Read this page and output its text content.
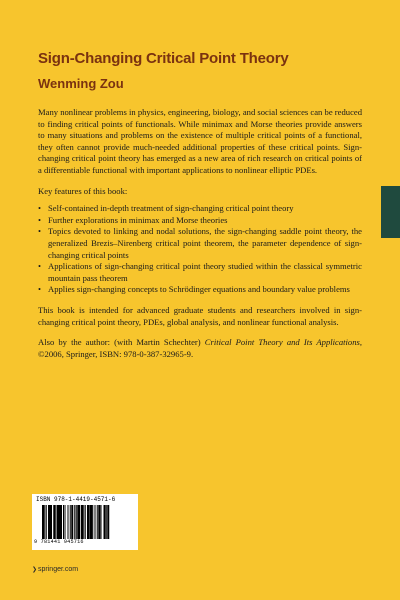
Sign-Changing Critical Point Theory
Wenming Zou

Many nonlinear problems in physics, engineering, biology, and social sciences can be reduced to finding critical points of functionals. While minimax and Morse theories provide answers to many situations and problems on the existence of multiple critical points of a functional, they often cannot provide much-needed additional properties of these critical points. Sign-changing critical point theory has emerged as a new area of rich research on critical points of a differentiable functional with important applications to nonlinear elliptic PDEs.

Key features of this book:

• Self-contained in-depth treatment of sign-changing critical point theory
• Further explorations in minimax and Morse theories
• Topics devoted to linking and nodal solutions, the sign-changing saddle point theory, the generalized Brezis–Nirenberg critical point theorem, the parameter dependence of sign-changing critical points
• Applications of sign-changing critical point theory studied within the classical symmetric mountain pass theorem
• Applies sign-changing concepts to Schrödinger equations and boundary value problems

This book is intended for advanced graduate students and researchers involved in sign-changing critical point theory, PDEs, global analysis, and nonlinear functional analysis.

Also by the author: (with Martin Schechter) Critical Point Theory and Its Applications, ©2006, Springer, ISBN: 978-0-387-32965-9.

ISBN 978-1-4419-4571-6
9 781441 945716
❯springer.com
